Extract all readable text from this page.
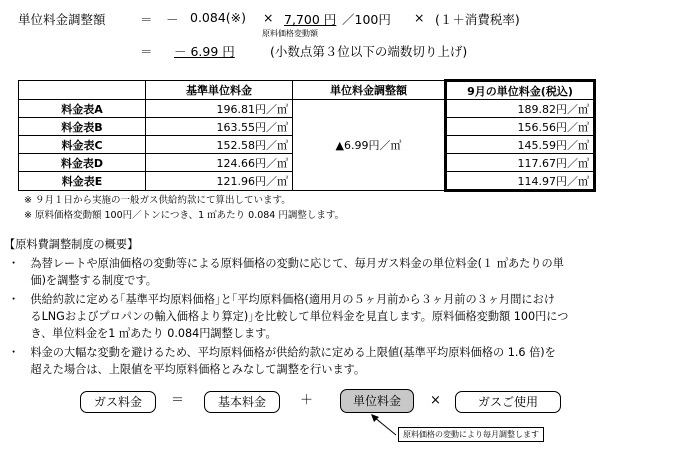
単位料金調整額	＝ － 0.084(※) × 7,700 円 ／100円 × (１＋消費税率)
原料価格変動額
＝ － 6.99 円	(小数点第３位以下の端数切り上げ)
	基準単位料金	単位料金調整額	9月の単位料金(税込)
料金表A	196.81円／㎥	▲6.99円／㎥	189.82円／㎥
料金表B	163.55円／㎥		156.56円／㎥
料金表C	152.58円／㎥		145.59円／㎥
料金表D	124.66円／㎥		117.67円／㎥
料金表E	121.96円／㎥		114.97円／㎥
※ ９月１日から実施の一般ガス供給約款にて算出しています。
※ 原料価格変動額 100円／トンにつき、1 ㎥あたり 0.084 円調整します。
【原料費調整制度の概要】
・　為替レートや原油価格の変動等による原料価格の変動に応じて、毎月ガス料金の単位料金(１ ㎥あたりの単
　　価)を調整する制度です。
・　供給約款に定める｢基準平均原料価格｣と｢平均原料価格(適用月の５ヶ月前から３ヶ月前の３ヶ月間におけ
　　るLNGおよびプロパンの輸入価格より算定)｣を比較して単位料金を見直します。原料価格変動額 100円につ
　　き、単位料金を1 ㎥あたり 0.084円調整します。
・　料金の大幅な変動を避けるため、平均原料価格が供給約款に定める上限値(基準平均原料価格の 1.6 倍)を
　　超えた場合は、上限値を平均原料価格とみなして調整を行います。
ガス料金	＝	基本料金	＋	単位料金	×	ガスご使用
原料価格の変動により毎月調整します
